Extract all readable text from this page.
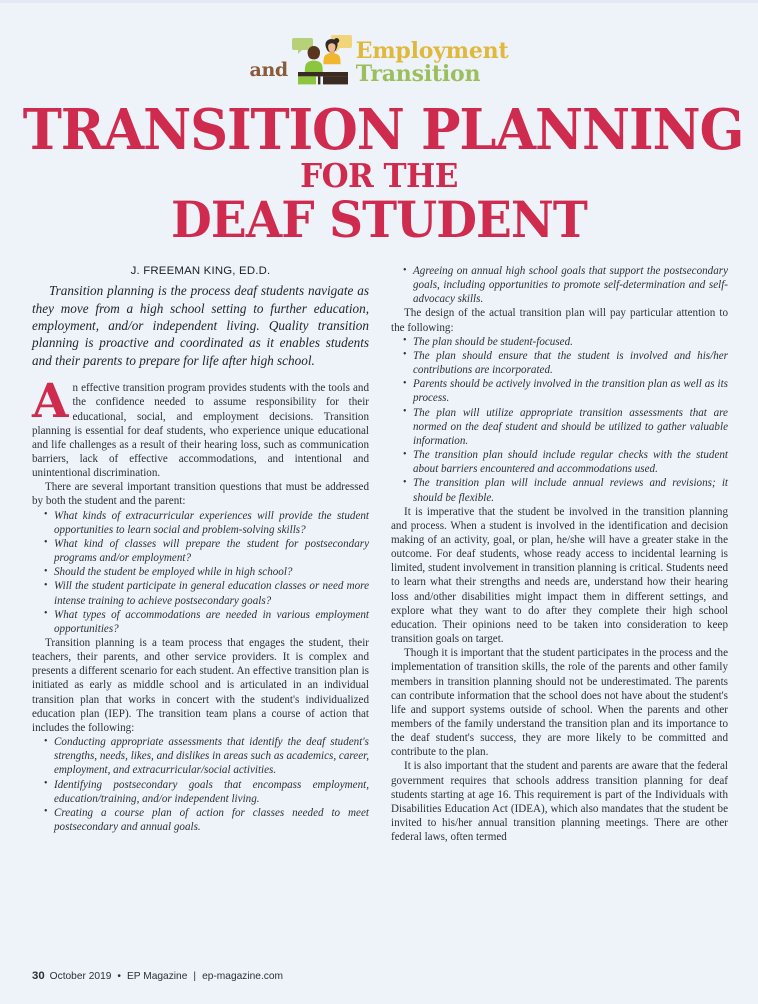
and
Employment
Transition
TRANSITION PLANNING
FOR THE
DEAF STUDENT
J. FREEMAN KING, ED.D.

Transition planning is the process deaf students navigate as they move from a high school setting to further education, employment, and/or independent living. Quality transition planning is proactive and coordinated as it enables students and their parents to prepare for life after high school.

An effective transition program provides students with the tools and the confidence needed to assume responsibility for their educational, social, and employment decisions. Transition planning is essential for deaf students, who experience unique educational and life challenges as a result of their hearing loss, such as communication barriers, lack of effective accommodations, and intentional and unintentional discrimination.

There are several important transition questions that must be addressed by both the student and the parent:

• What kinds of extracurricular experiences will provide the student opportunities to learn social and problem-solving skills?
• What kind of classes will prepare the student for postsecondary programs and/or employment?
• Should the student be employed while in high school?
• Will the student participate in general education classes or need more intense training to achieve postsecondary goals?
• What types of accommodations are needed in various employment opportunities?

Transition planning is a team process that engages the student, their teachers, their parents, and other service providers. It is complex and presents a different scenario for each student. An effective transition plan is initiated as early as middle school and is articulated in an individual transition plan that works in concert with the student's individualized education plan (IEP). The transition team plans a course of action that includes the following:

• Conducting appropriate assessments that identify the deaf student's strengths, needs, likes, and dislikes in areas such as academics, career, employment, and extracurricular/social activities.
• Identifying postsecondary goals that encompass employment, education/training, and/or independent living.
• Creating a course plan of action for classes needed to meet postsecondary and annual goals.
• Agreeing on annual high school goals that support the postsecondary goals, including opportunities to promote self-determination and self-advocacy skills.

The design of the actual transition plan will pay particular attention to the following:

• The plan should be student-focused.
• The plan should ensure that the student is involved and his/her contributions are incorporated.
• Parents should be actively involved in the transition plan as well as its process.
• The plan will utilize appropriate transition assessments that are normed on the deaf student and should be utilized to gather valuable information.
• The transition plan should include regular checks with the student about barriers encountered and accommodations used.
• The transition plan will include annual reviews and revisions; it should be flexible.

It is imperative that the student be involved in the transition planning and process. When a student is involved in the identification and decision making of an activity, goal, or plan, he/she will have a greater stake in the outcome. For deaf students, whose ready access to incidental learning is limited, student involvement in transition planning is critical. Students need to learn what their strengths and needs are, understand how their hearing loss and/other disabilities might impact them in different settings, and explore what they want to do after they complete their high school education. Their opinions need to be taken into consideration to keep transition goals on target.

Though it is important that the student participates in the process and the implementation of transition skills, the role of the parents and other family members in transition planning should not be underestimated. The parents can contribute information that the school does not have about the student's life and support systems outside of school. When the parents and other members of the family understand the transition plan and its importance to the deaf student's success, they are more likely to be committed and contribute to the plan.

It is also important that the student and parents are aware that the federal government requires that schools address transition planning for deaf students starting at age 16. This requirement is part of the Individuals with Disabilities Education Act (IDEA), which also mandates that the student be invited to his/her annual transition planning meetings. There are other federal laws, often termed

30 October 2019 • EP Magazine | ep-magazine.com
